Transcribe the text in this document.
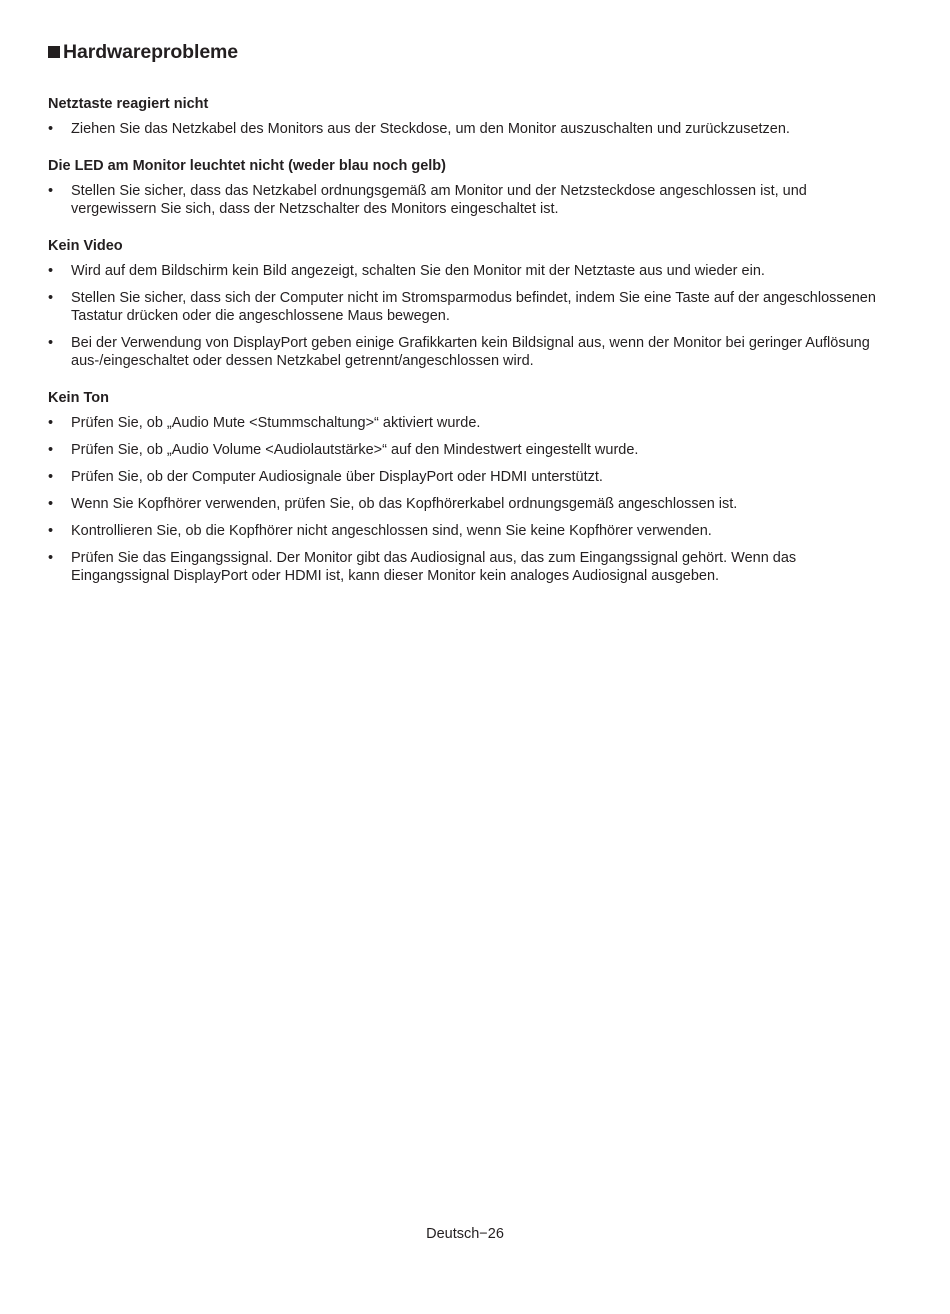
Hardwareprobleme
Netztaste reagiert nicht
• Ziehen Sie das Netzkabel des Monitors aus der Steckdose, um den Monitor auszuschalten und zurückzusetzen.
Die LED am Monitor leuchtet nicht (weder blau noch gelb)
• Stellen Sie sicher, dass das Netzkabel ordnungsgemäß am Monitor und der Netzsteckdose angeschlossen ist, und vergewissern Sie sich, dass der Netzschalter des Monitors eingeschaltet ist.
Kein Video
• Wird auf dem Bildschirm kein Bild angezeigt, schalten Sie den Monitor mit der Netztaste aus und wieder ein.
• Stellen Sie sicher, dass sich der Computer nicht im Stromsparmodus befindet, indem Sie eine Taste auf der angeschlossenen Tastatur drücken oder die angeschlossene Maus bewegen.
• Bei der Verwendung von DisplayPort geben einige Grafikkarten kein Bildsignal aus, wenn der Monitor bei geringer Auflösung aus-/eingeschaltet oder dessen Netzkabel getrennt/angeschlossen wird.
Kein Ton
• Prüfen Sie, ob „Audio Mute <Stummschaltung>“ aktiviert wurde.
• Prüfen Sie, ob „Audio Volume <Audiolautstärke>“ auf den Mindestwert eingestellt wurde.
• Prüfen Sie, ob der Computer Audiosignale über DisplayPort oder HDMI unterstützt.
• Wenn Sie Kopfhörer verwenden, prüfen Sie, ob das Kopfhörerkabel ordnungsgemäß angeschlossen ist.
• Kontrollieren Sie, ob die Kopfhörer nicht angeschlossen sind, wenn Sie keine Kopfhörer verwenden.
• Prüfen Sie das Eingangssignal. Der Monitor gibt das Audiosignal aus, das zum Eingangssignal gehört. Wenn das Eingangssignal DisplayPort oder HDMI ist, kann dieser Monitor kein analoges Audiosignal ausgeben.
Deutsch−26
